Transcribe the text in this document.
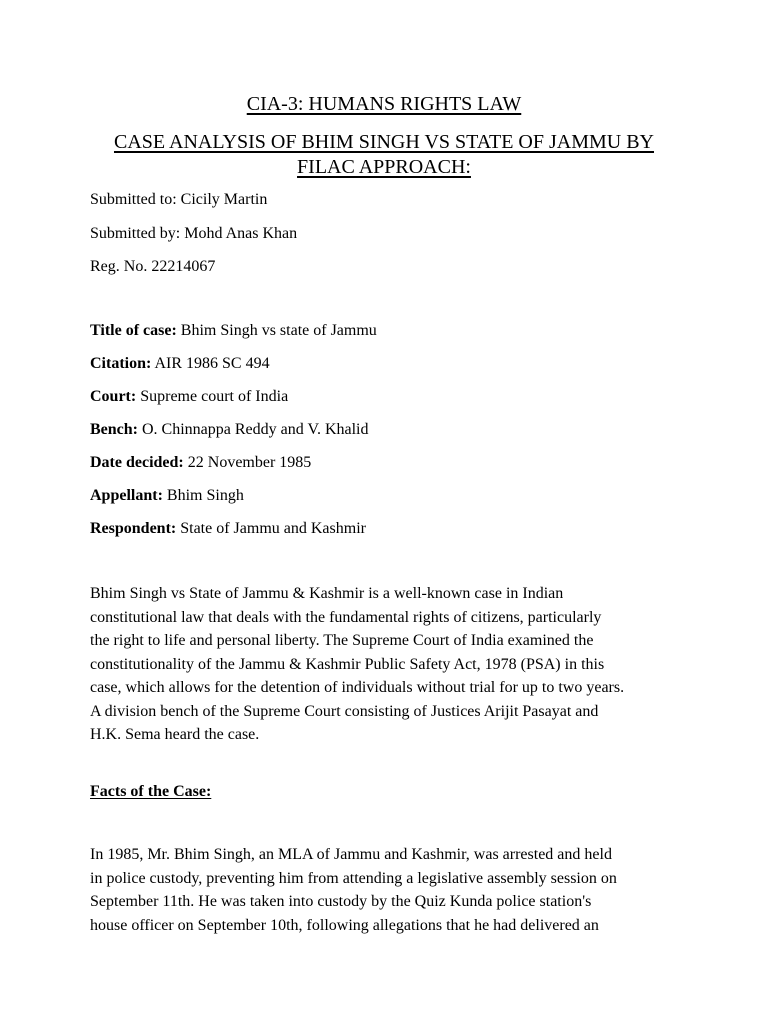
CIA-3: HUMANS RIGHTS LAW
CASE ANALYSIS OF BHIM SINGH VS STATE OF JAMMU BY
FILAC APPROACH:
Submitted to: Cicily Martin
Submitted by: Mohd Anas Khan
Reg. No. 22214067
Title of case: Bhim Singh vs state of Jammu
Citation: AIR 1986 SC 494
Court: Supreme court of India
Bench: O. Chinnappa Reddy and V. Khalid
Date decided: 22 November 1985
Appellant: Bhim Singh
Respondent: State of Jammu and Kashmir
Bhim Singh vs State of Jammu & Kashmir is a well-known case in Indian
constitutional law that deals with the fundamental rights of citizens, particularly
the right to life and personal liberty. The Supreme Court of India examined the
constitutionality of the Jammu & Kashmir Public Safety Act, 1978 (PSA) in this
case, which allows for the detention of individuals without trial for up to two years.
A division bench of the Supreme Court consisting of Justices Arijit Pasayat and
H.K. Sema heard the case.
Facts of the Case:
In 1985, Mr. Bhim Singh, an MLA of Jammu and Kashmir, was arrested and held
in police custody, preventing him from attending a legislative assembly session on
September 11th. He was taken into custody by the Quiz Kunda police station's
house officer on September 10th, following allegations that he had delivered an
